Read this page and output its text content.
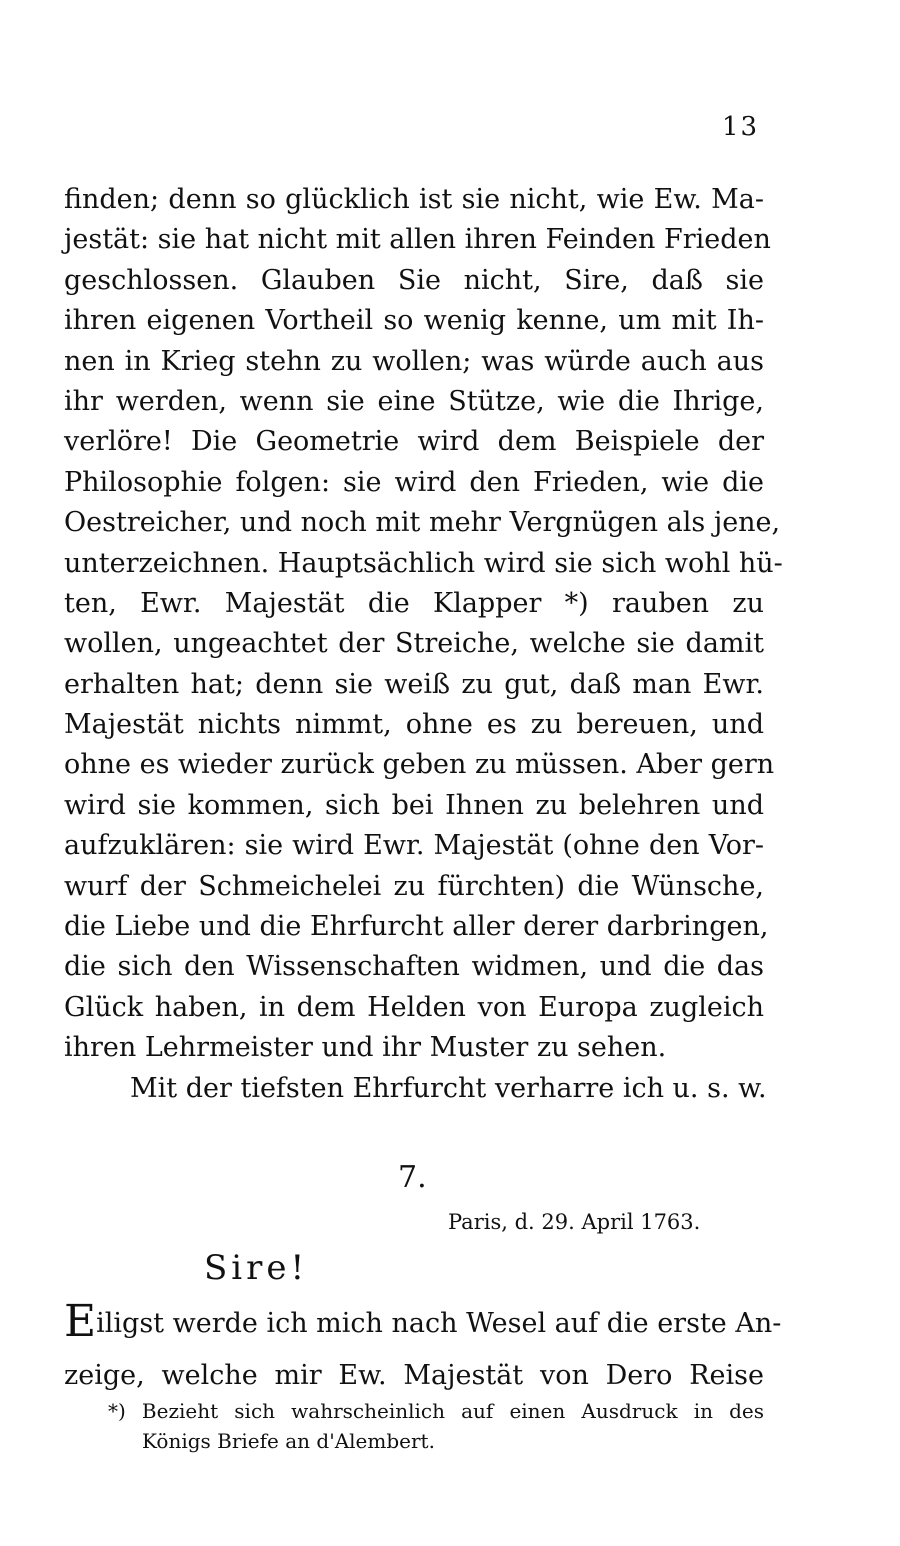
13
finden; denn so glücklich ist sie nicht, wie Ew. Ma-
jestät: sie hat nicht mit allen ihren Feinden Frieden
geschlossen. Glauben Sie nicht, Sire, daß sie
ihren eigenen Vortheil so wenig kenne, um mit Ih-
nen in Krieg stehn zu wollen; was würde auch aus
ihr werden, wenn sie eine Stütze, wie die Ihrige,
verlöre! Die Geometrie wird dem Beispiele der
Philosophie folgen: sie wird den Frieden, wie die
Oestreicher, und noch mit mehr Vergnügen als jene,
unterzeichnen. Hauptsächlich wird sie sich wohl hü-
ten, Ewr. Majestät die Klapper *) rauben zu
wollen, ungeachtet der Streiche, welche sie damit
erhalten hat; denn sie weiß zu gut, daß man Ewr.
Majestät nichts nimmt, ohne es zu bereuen, und
ohne es wieder zurück geben zu müssen. Aber gern
wird sie kommen, sich bei Ihnen zu belehren und
aufzuklären: sie wird Ewr. Majestät (ohne den Vor-
wurf der Schmeichelei zu fürchten) die Wünsche,
die Liebe und die Ehrfurcht aller derer darbringen,
die sich den Wissenschaften widmen, und die das
Glück haben, in dem Helden von Europa zugleich
ihren Lehrmeister und ihr Muster zu sehen.
Mit der tiefsten Ehrfurcht verharre ich u. s. w.
7.
Paris, d. 29. April 1763.
Sire!
Eiligst werde ich mich nach Wesel auf die erste An-
zeige, welche mir Ew. Majestät von Dero Reise
*) Bezieht sich wahrscheinlich auf einen Ausdruck in des
Königs Briefe an d'Alembert.
